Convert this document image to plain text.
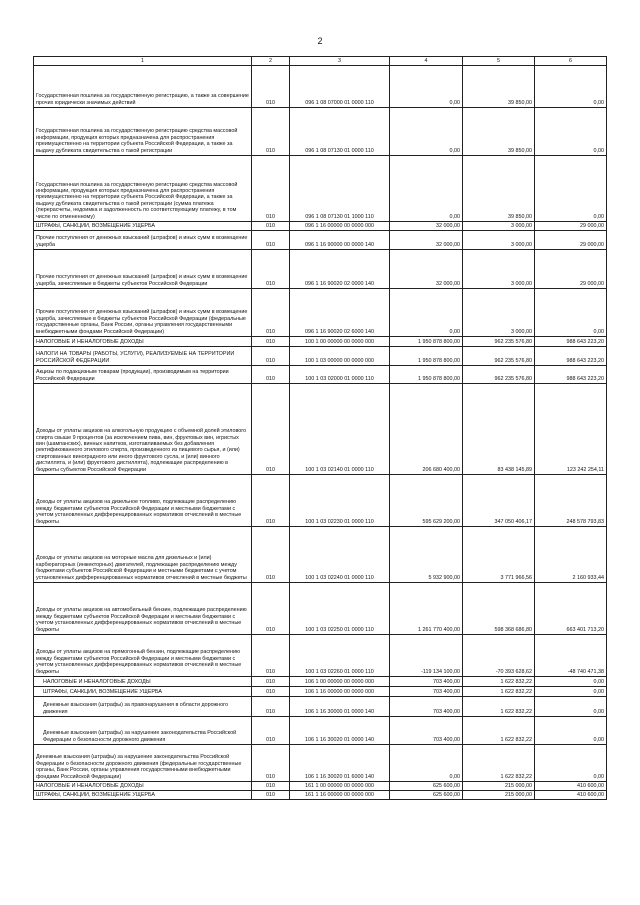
2
1	2	3	4	5	6
Государственная пошлина за государственную регистрацию, а также за совершение прочих юридически значимых действий	010	096 1 08 07000 01 0000 110	0,00	39 850,00	0,00
Государственная пошлина за государственную регистрацию средства массовой информации, продукция которых предназначена для распространения преимущественно на территории субъекта Российской Федерации, а также за выдачу дубликата свидетельства о такой регистрации	010	096 1 08 07130 01 0000 110	0,00	39 850,00	0,00
Государственная пошлина за государственную регистрацию средства массовой информации, продукция которых предназначена для распространения преимущественно на территории субъекта Российской Федерации, а также за выдачу дубликата свидетельства о такой регистрации (сумма платежа (перерасчеты, недоимка и задолженность по соответствующему платежу, в том числе по отмененному)	010	096 1 08 07130 01 1000 110	0,00	39 850,00	0,00
ШТРАФЫ, САНКЦИИ, ВОЗМЕЩЕНИЕ УЩЕРБА	010	096 1 16 00000 00 0000 000	32 000,00	3 000,00	29 000,00
Прочие поступления от денежных взысканий (штрафов) и иных сумм в возмещение ущерба	010	096 1 16 90000 00 0000 140	32 000,00	3 000,00	29 000,00
Прочие поступления от денежных взысканий (штрафов) и иных сумм в возмещение ущерба, зачисляемые в бюджеты субъектов Российской Федерации	010	096 1 16 90020 02 0000 140	32 000,00	3 000,00	29 000,00
Прочие поступления от денежных взысканий (штрафов) и иных сумм в возмещение ущерба, зачисляемые в бюджеты субъектов Российской Федерации (федеральные государственные органы, Банк России, органы управления государственными внебюджетными фондами Российской Федерации)	010	096 1 16 90020 02 6000 140	0,00	3 000,00	0,00
НАЛОГОВЫЕ И НЕНАЛОГОВЫЕ ДОХОДЫ	010	100 1 00 00000 00 0000 000	1 950 878 800,00	962 235 576,80	988 643 223,20
НАЛОГИ НА ТОВАРЫ (РАБОТЫ, УСЛУГИ), РЕАЛИЗУЕМЫЕ НА ТЕРРИТОРИИ РОССИЙСКОЙ ФЕДЕРАЦИИ	010	100 1 03 00000 00 0000 000	1 950 878 800,00	962 235 576,80	988 643 223,20
Акцизы по подакцизным товарам (продукции), производимым на территории Российской Федерации	010	100 1 03 02000 01 0000 110	1 950 878 800,00	962 235 576,80	988 643 223,20
Доходы от уплаты акцизов на алкогольную продукцию с объемной долей этилового спирта свыше 9 процентов (за исключением пива, вин, фруктовых вин, игристых вин (шампанских), винных напитков, изготавливаемых без добавления ректификованного этилового спирта, произведенного из пищевого сырья, и (или) спиртованных виноградного или иного фруктового сусла, и (или) винного дистиллята, и (или) фруктового дистиллята), подлежащие распределению в бюджеты субъектов Российской Федерации	010	100 1 03 02140 01 0000 110	206 680 400,00	83 438 145,89	123 242 254,11
Доходы от уплаты акцизов на дизельное топливо, подлежащие распределению между бюджетами субъектов Российской Федерации и местными бюджетами с учетом установленных дифференцированных нормативов отчислений в местные бюджеты	010	100 1 03 02230 01 0000 110	595 629 200,00	347 050 406,17	248 578 793,83
Доходы от уплаты акцизов на моторные масла для дизельных и (или) карбюраторных (инжекторных) двигателей, подлежащие распределению между бюджетами субъектов Российской Федерации и местными бюджетами с учетом установленных дифференцированных нормативов отчислений в местные бюджеты	010	100 1 03 02240 01 0000 110	5 932 900,00	3 771 966,56	2 160 933,44
Доходы от уплаты акцизов на автомобильный бензин, подлежащие распределению между бюджетами субъектов Российской Федерации и местными бюджетами с учетом установленных дифференцированных нормативов отчислений в местные бюджеты	010	100 1 03 02250 01 0000 110	1 261 770 400,00	598 368 686,80	663 401 713,20
Доходы от уплаты акцизов на прямогонный бензин, подлежащие распределению между бюджетами субъектов Российской Федерации и местными бюджетами с учетом установленных дифференцированных нормативов отчислений в местные бюджеты	010	100 1 03 02260 01 0000 110	-119 134 100,00	-70 393 628,62	-48 740 471,38
НАЛОГОВЫЕ И НЕНАЛОГОВЫЕ ДОХОДЫ	010	106 1 00 00000 00 0000 000	703 400,00	1 622 832,22	0,00
ШТРАФЫ, САНКЦИИ, ВОЗМЕЩЕНИЕ УЩЕРБА	010	106 1 16 00000 00 0000 000	703 400,00	1 622 832,22	0,00
Денежные взыскания (штрафы) за правонарушения в области дорожного движения	010	106 1 16 30000 01 0000 140	703 400,00	1 622 832,22	0,00
Денежные взыскания (штрафы) за нарушение законодательства Российской Федерации о безопасности дорожного движения	010	106 1 16 30020 01 0000 140	703 400,00	1 622 832,22	0,00
Денежные взыскания (штрафы) за нарушение законодательства Российской Федерации о безопасности дорожного движения (федеральные государственные органы, Банк России, органы управления государственными внебюджетными фондами Российской Федерации)	010	106 1 16 30020 01 6000 140	0,00	1 622 832,22	0,00
НАЛОГОВЫЕ И НЕНАЛОГОВЫЕ ДОХОДЫ	010	161 1 00 00000 00 0000 000	625 600,00	215 000,00	410 600,00
ШТРАФЫ, САНКЦИИ, ВОЗМЕЩЕНИЕ УЩЕРБА	010	161 1 16 00000 00 0000 000	625 600,00	215 000,00	410 600,00
